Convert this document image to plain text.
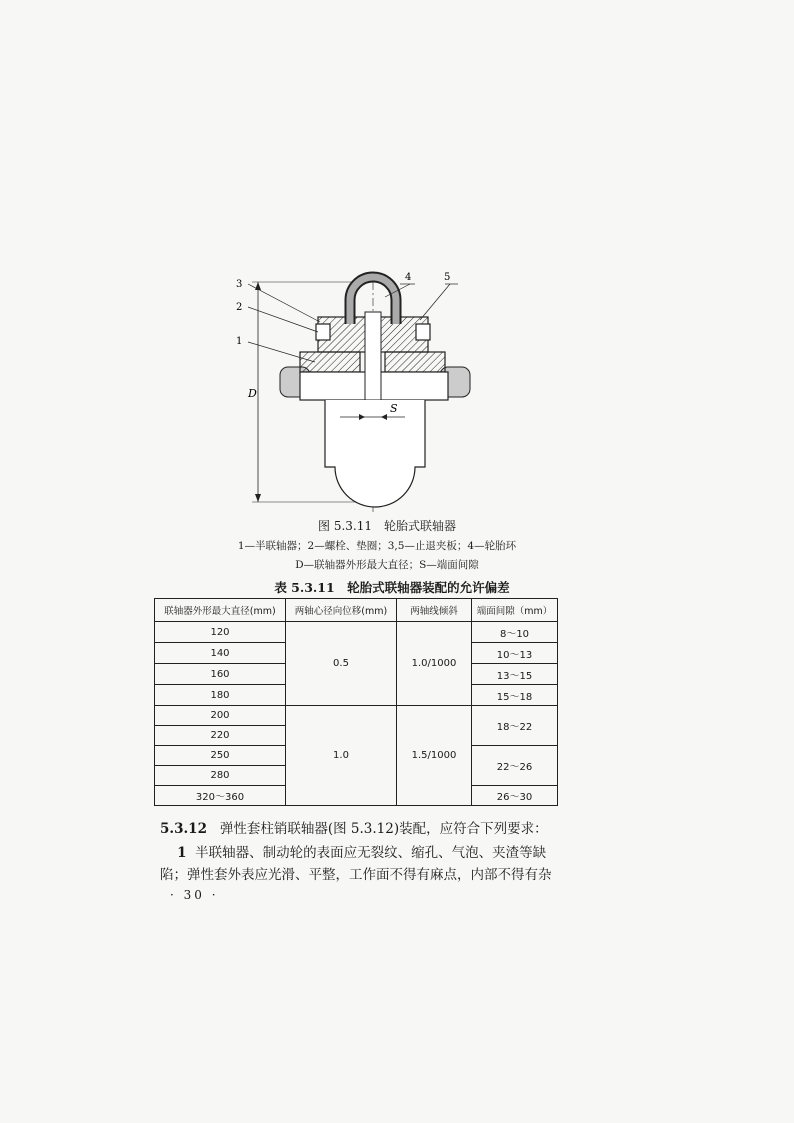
D
S
3
2
1
4	5
图 5.3.11　轮胎式联轴器
1—半联轴器；2—螺栓、垫圈；3,5—止退夹板；4—轮胎环
D—联轴器外形最大直径；S—端面间隙
表 5.3.11　轮胎式联轴器装配的允许偏差
联轴器外形最大直径(mm)	两轴心径向位移(mm)	两轴线倾斜	端面间隙（mm）
120	0.5	1.0/1000	8～10
140			10～13
160			13～15
180			15～18
200	1.0	1.5/1000	18～22
220			
250			22～26
280			
320～360			26～30
5.3.12 弹性套柱销联轴器(图 5.3.12)装配，应符合下列要求：
1 半联轴器、制动轮的表面应无裂纹、缩孔、气泡、夹渣等缺
陷；弹性套外表应光滑、平整，工作面不得有麻点，内部不得有杂
· 30 ·
